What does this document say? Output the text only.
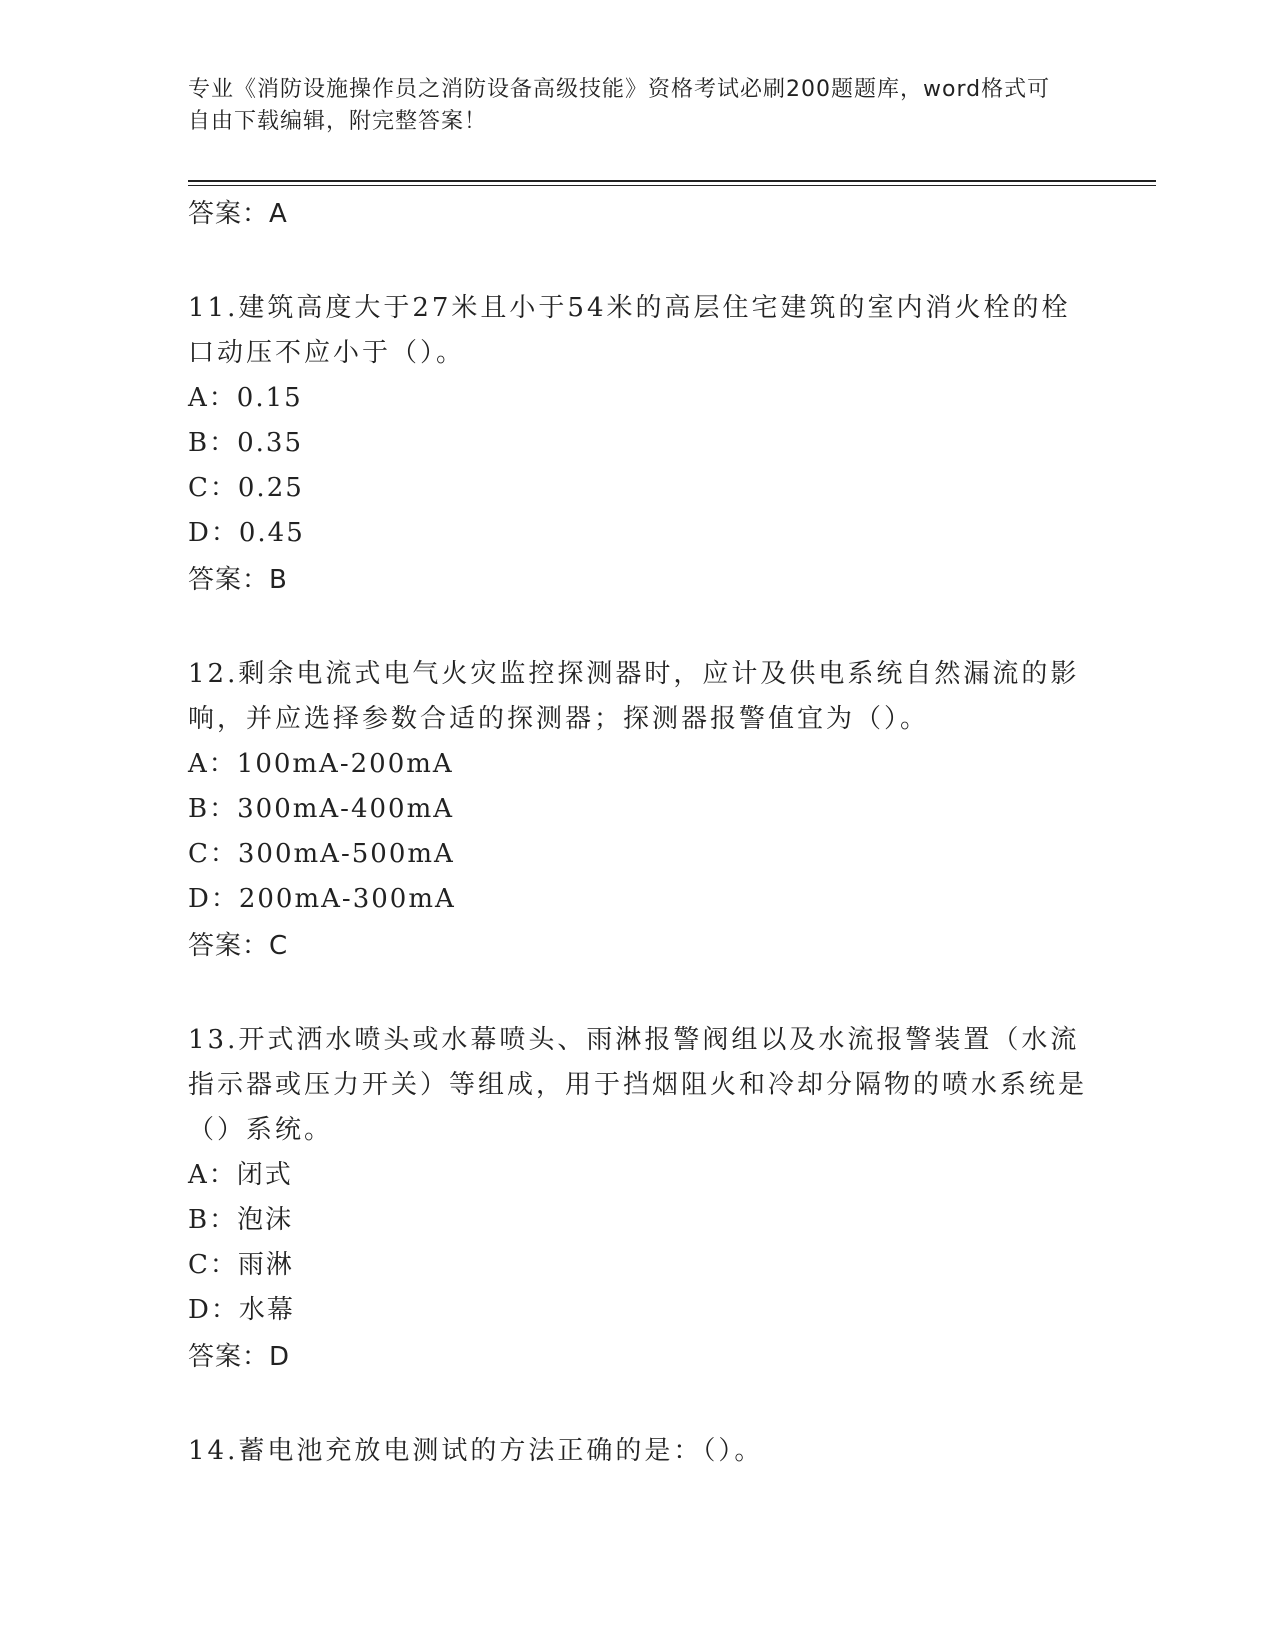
专业《消防设施操作员之消防设备高级技能》资格考试必刷200题题库，word格式可自由下载编辑，附完整答案！
答案：A
11.建筑高度大于27米且小于54米的高层住宅建筑的室内消火栓的栓口动压不应小于（）。
A：0.15
B：0.35
C：0.25
D：0.45
答案：B
12.剩余电流式电气火灾监控探测器时，应计及供电系统自然漏流的影响，并应选择参数合适的探测器；探测器报警值宜为（）。
A：100mA-200mA
B：300mA-400mA
C：300mA-500mA
D：200mA-300mA
答案：C
13.开式洒水喷头或水幕喷头、雨淋报警阀组以及水流报警装置（水流指示器或压力开关）等组成，用于挡烟阻火和冷却分隔物的喷水系统是（）系统。
A：闭式
B：泡沫
C：雨淋
D：水幕
答案：D
14.蓄电池充放电测试的方法正确的是：（）。
